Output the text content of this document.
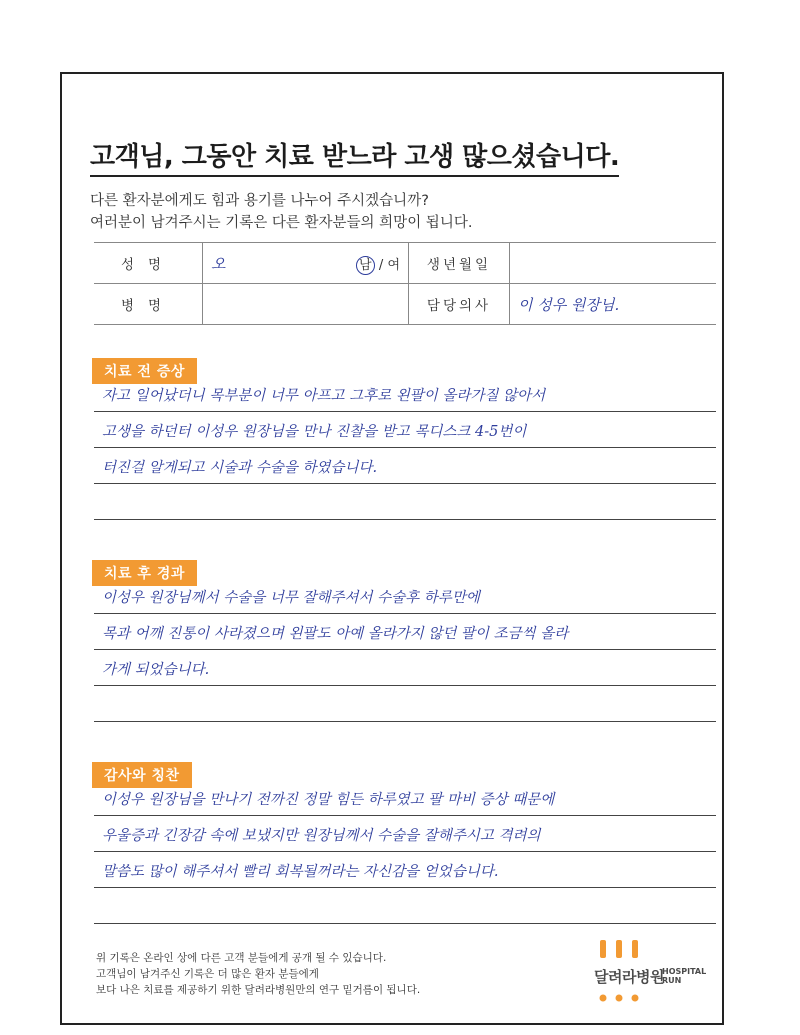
고객님, 그동안 치료 받느라 고생 많으셨습니다.
다른 환자분에게도 힘과 용기를 나누어 주시겠습니까?
여러분이 남겨주시는 기록은 다른 환자분들의 희망이 됩니다.
성명	오 남 / 여	생년월일	
병명		담당의사	이 성우 원장님.
치료 전 증상
자고 일어났더니 목부분이 너무 아프고 그후로 왼팔이 올라가질 않아서
고생을 하던터 이성우 원장님을 만나 진찰을 받고 목디스크 4-5번이
터진걸 알게되고 시술과 수술을 하였습니다.
치료 후 경과
이성우 원장님께서 수술을 너무 잘해주셔서 수술후 하루만에
목과 어깨 진통이 사라졌으며 왼팔도 아예 올라가지 않던 팔이 조금씩 올라
가게 되었습니다.
감사와 칭찬
이성우 원장님을 만나기 전까진 정말 힘든 하루였고 팔 마비 증상 때문에
우울증과 긴장감 속에 보냈지만 원장님께서 수술을 잘해주시고 격려의
말씀도 많이 해주셔서 빨리 회복될꺼라는 자신감을 얻었습니다.
위 기록은 온라인 상에 다른 고객 분들에게 공개 될 수 있습니다.
고객님이 남겨주신 기록은 더 많은 환자 분들에게
보다 나은 치료를 제공하기 위한 달려라병원만의 연구 밑거름이 됩니다.
달려라병원
HOSPITAL
RUN
